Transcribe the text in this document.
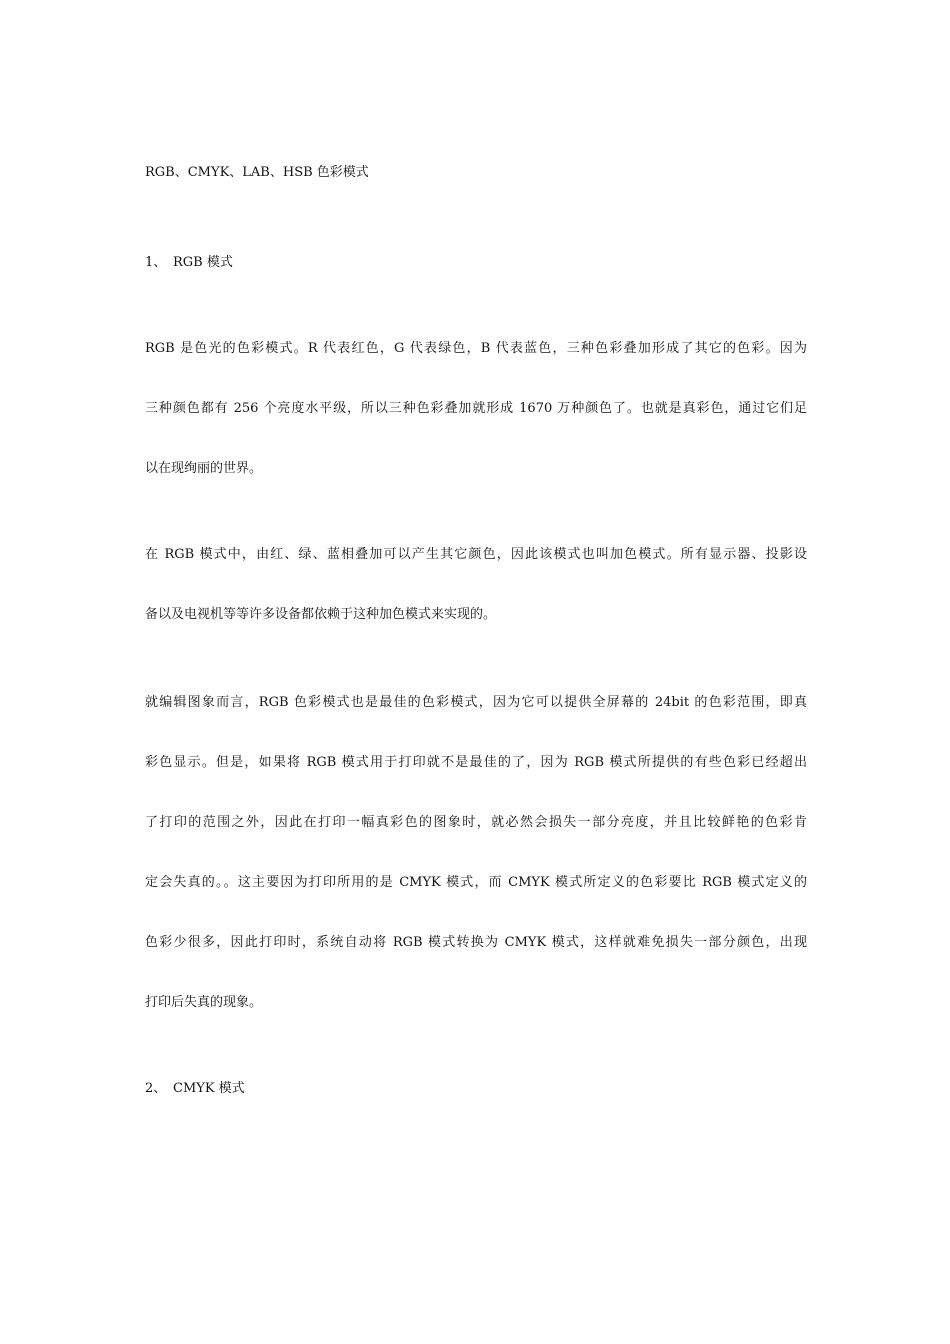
RGB、CMYK、LAB、HSB 色彩模式
1、 RGB 模式
RGB 是色光的色彩模式。R 代表红色，G 代表绿色，B 代表蓝色，三种色彩叠加形成了其它的色彩。因为
三种颜色都有 256 个亮度水平级，所以三种色彩叠加就形成 1670 万种颜色了。也就是真彩色，通过它们足
以在现绚丽的世界。
在 RGB 模式中，由红、绿、蓝相叠加可以产生其它颜色，因此该模式也叫加色模式。所有显示器、投影设
备以及电视机等等许多设备都依赖于这种加色模式来实现的。
就编辑图象而言，RGB 色彩模式也是最佳的色彩模式，因为它可以提供全屏幕的 24bit 的色彩范围，即真
彩色显示。但是，如果将 RGB 模式用于打印就不是最佳的了，因为 RGB 模式所提供的有些色彩已经超出
了打印的范围之外，因此在打印一幅真彩色的图象时，就必然会损失一部分亮度，并且比较鲜艳的色彩肯
定会失真的。。这主要因为打印所用的是 CMYK 模式，而 CMYK 模式所定义的色彩要比 RGB 模式定义的
色彩少很多，因此打印时，系统自动将 RGB 模式转换为 CMYK 模式，这样就难免损失一部分颜色，出现
打印后失真的现象。
2、 CMYK 模式
